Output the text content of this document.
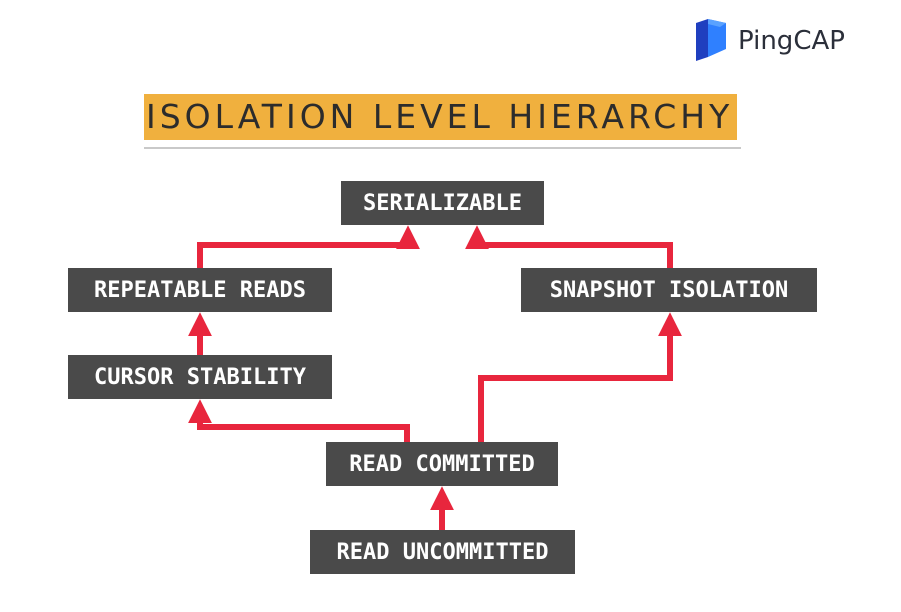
PingCAP
ISOLATION LEVEL HIERARCHY
SERIALIZABLE
REPEATABLE READS	SNAPSHOT ISOLATION
CURSOR STABILITY
READ COMMITTED
READ UNCOMMITTED
